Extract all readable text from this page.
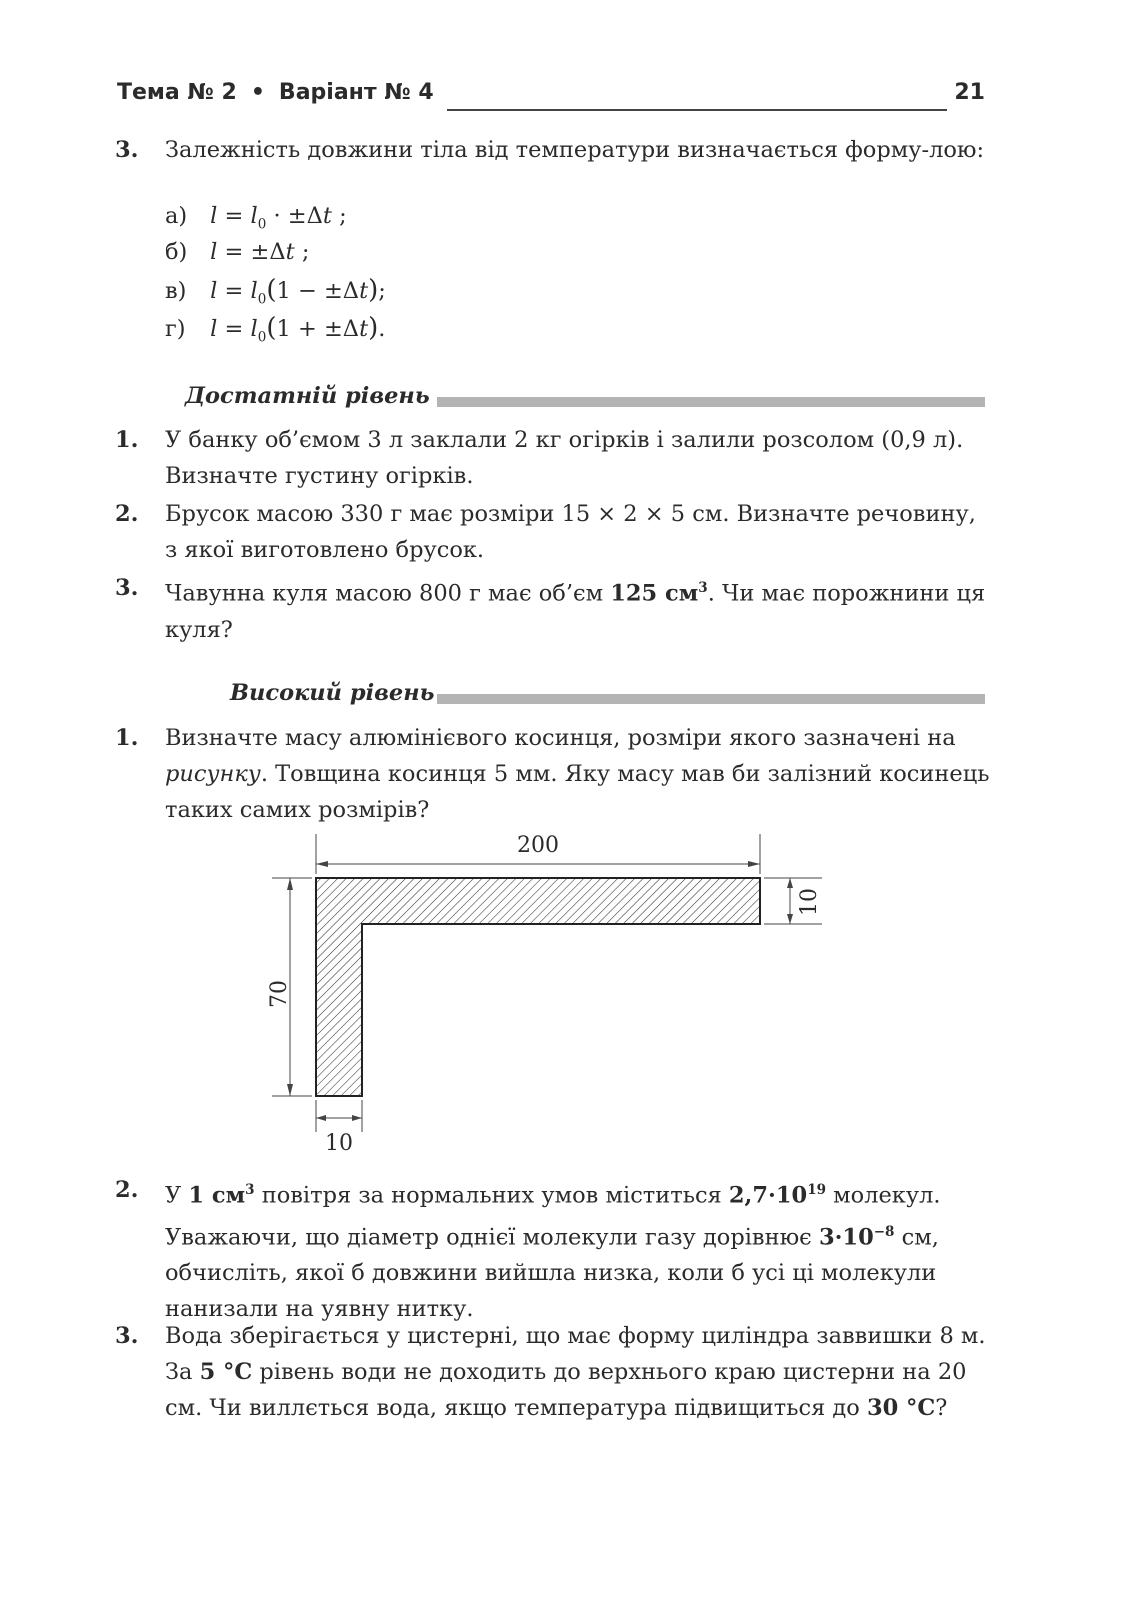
Тема № 2 • Варіант № 4	21
3. Залежність довжини тіла від температури визначається форму-лою:
а) $l = l_0 \cdot \pm\Delta t$ ;
б) l = ±Δt ;
в) $l = l_0(1 - \pm\Delta t)$;
г) $l = l_0(1 + \pm\Delta t)$.
Достатній рівень
1. У банку об’ємом 3 л заклали 2 кг огірків і залили розсолом (0,9 л). Визначте густину огірків.
2. Брусок масою 330 г має розміри 15 × 2 × 5 см. Визначте речовину, з якої виготовлено брусок.
3. Чавунна куля масою 800 г має об’єм 125 $см^3$. Чи має порожнини ця куля?
Високий рівень
1. Визначте масу алюмінієвого косинця, розміри якого зазначені на рисунку. Товщина косинця 5 мм. Яку масу мав би залізний косинець таких самих розмірів?
200
10
70
10
2. У 1 $см^3$ повітря за нормальних умов міститься $2,7\cdot 10^{19}$ молекул. Уважаючи, що діаметр однієї молекули газу дорівнює $3\cdot 10^{-8}$ см, обчисліть, якої б довжини вийшла низка, коли б усі ці молекули нанизали на уявну нитку.
3. Вода зберігається у цистерні, що має форму циліндра заввишки 8 м. За 5 °С рівень води не доходить до верхнього краю цистерни на 20 см. Чи виллється вода, якщо температура підвищиться до 30 °С?
